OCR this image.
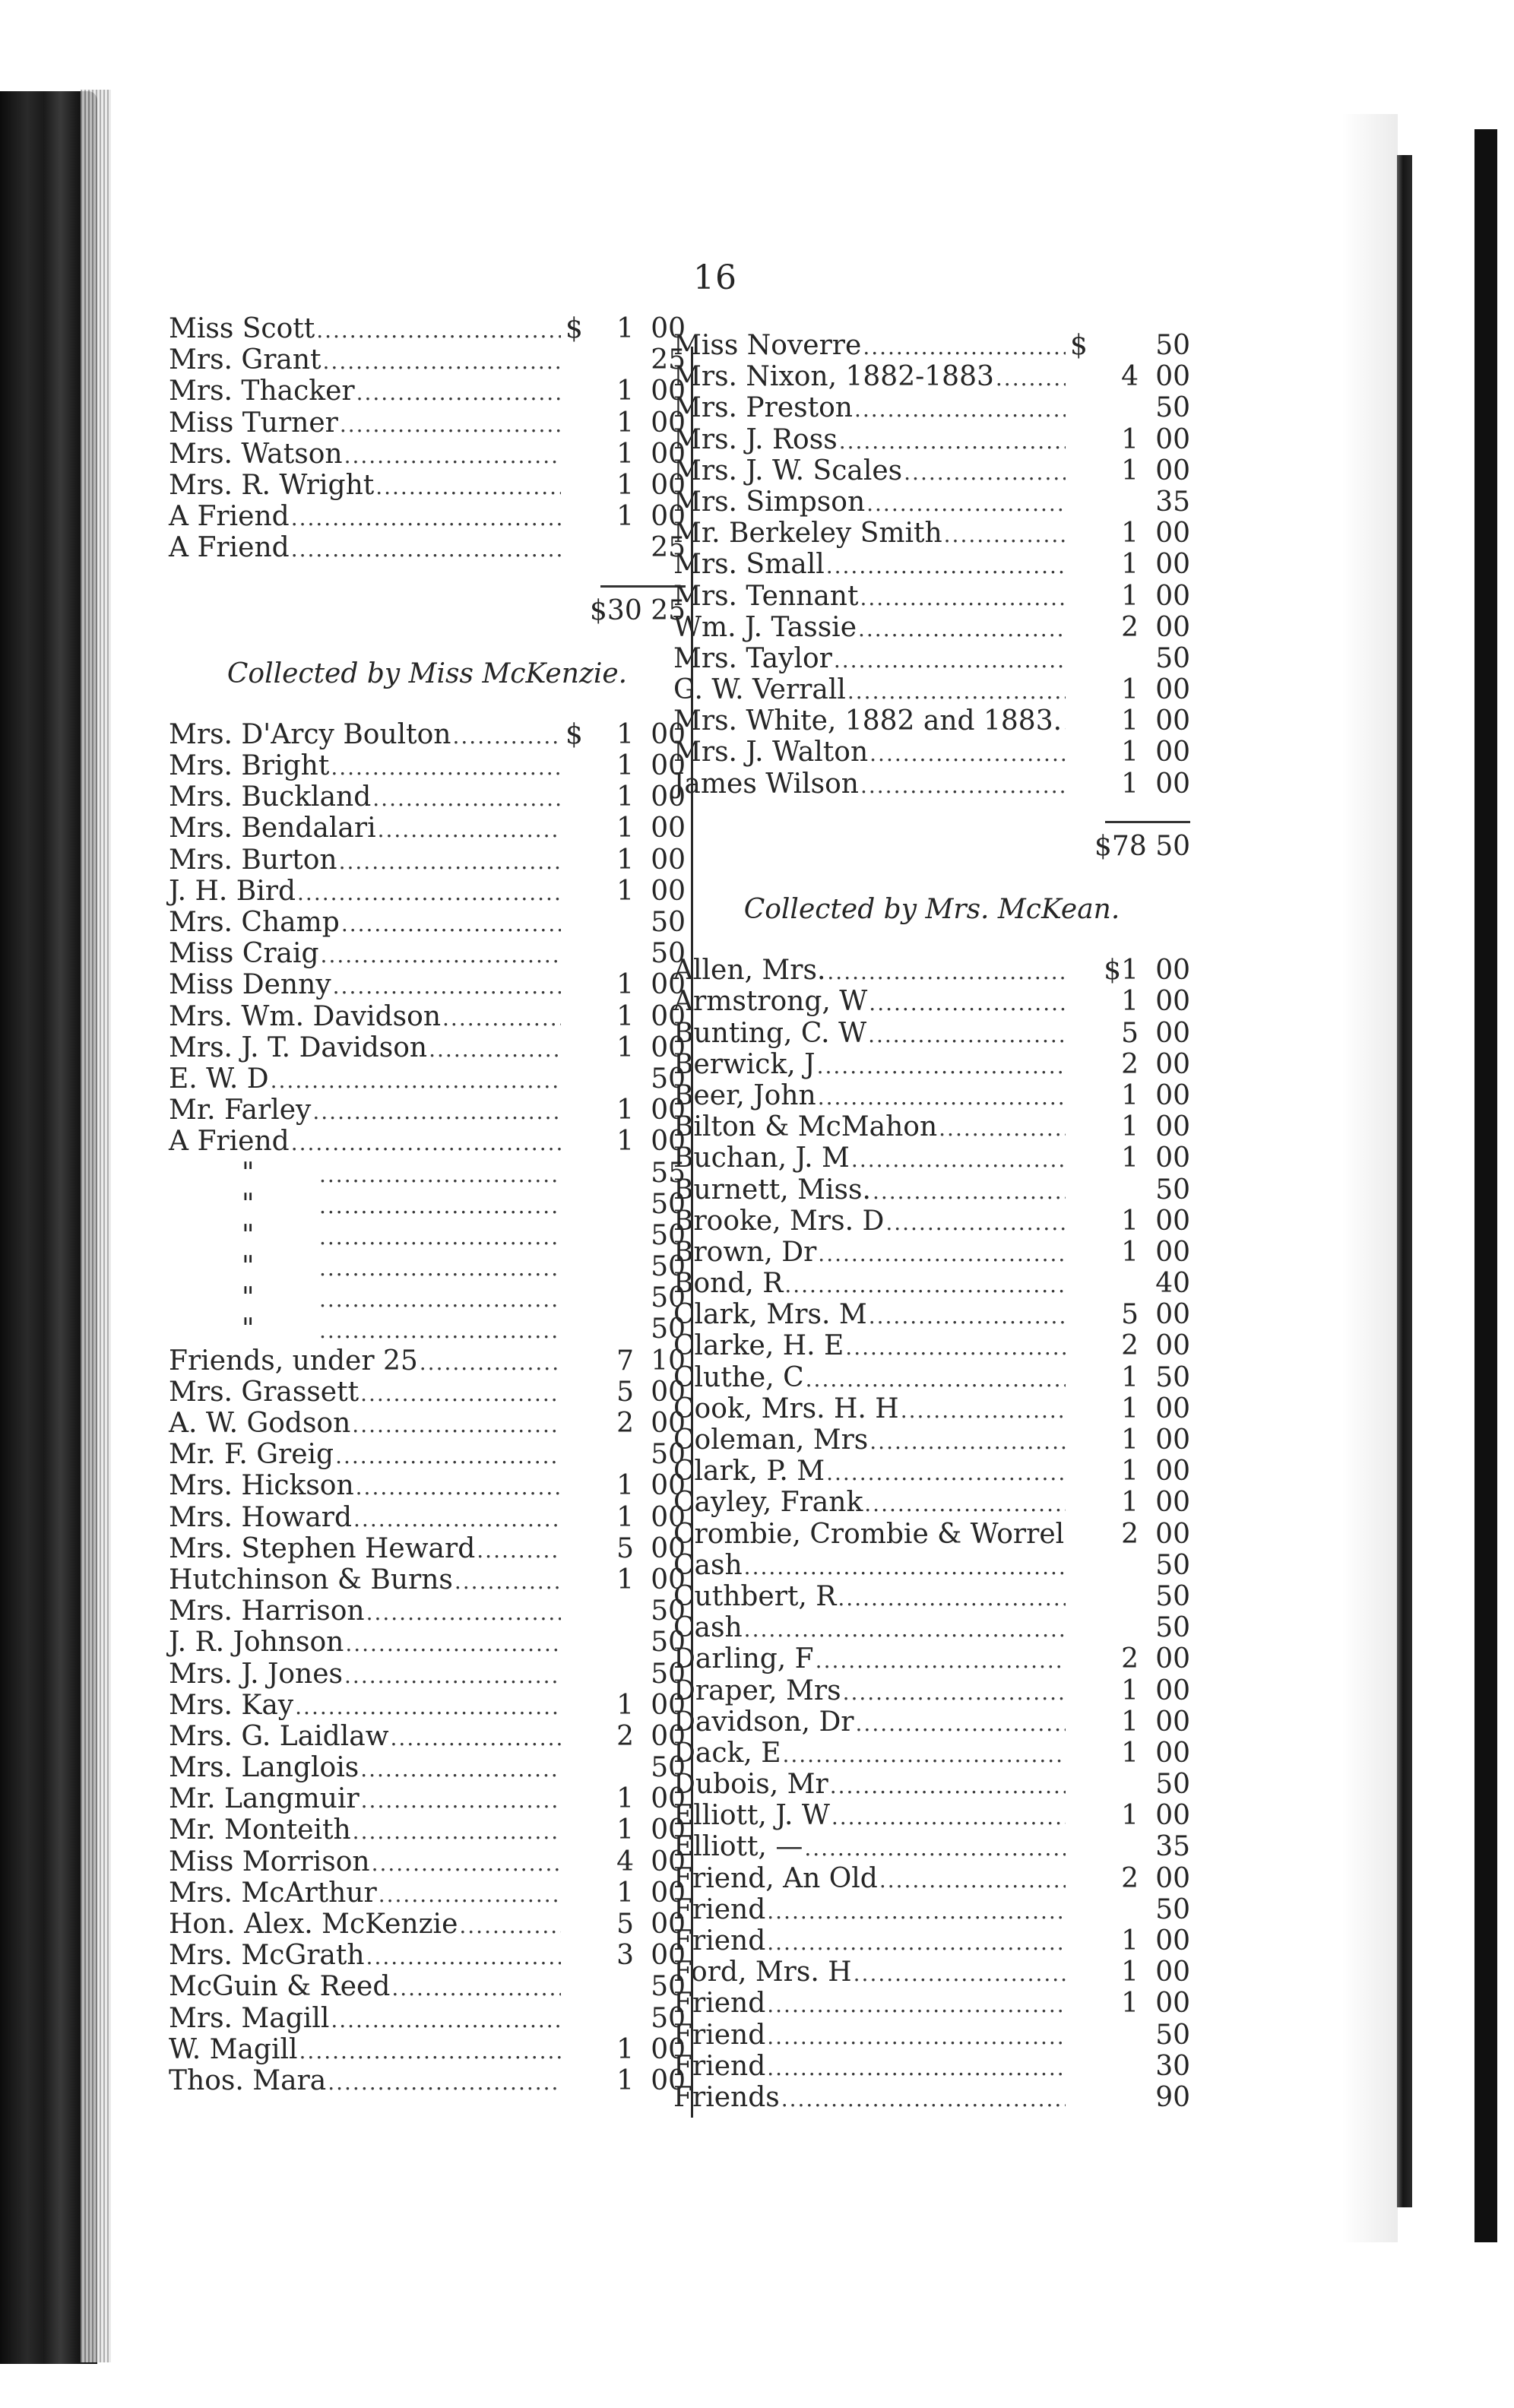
16
Miss Scott .....	$	1 00
Mrs. Grant .....	25
Mrs. Thacker .....	1 00
Miss Turner .....	1 00
Mrs. Watson .....	1 00
Mrs. R. Wright .....	1 00
A Friend .....	1 00
A Friend .....	25
$30 25
Collected by Miss McKenzie.
Mrs. D'Arcy Boulton .....	$	1 00
Mrs. Bright .....	1 00
Mrs. Buckland .....	1 00
Mrs. Bendalari .....	1 00
Mrs. Burton .....	1 00
J. H. Bird .....	1 00
Mrs. Champ .....	50
Miss Craig .....	50
Miss Denny .....	1 00
Mrs. Wm. Davidson .....	1 00
Mrs. J. T. Davidson .....	1 00
E. W. D .....	50
Mr. Farley .....	1 00
A Friend .....	1 00
" .....	55
" .....	50
" .....	50
" .....	50
" .....	50
" .....	50
Friends, under 25 .....	7 10
Mrs. Grassett .....	5 00
A. W. Godson .....	2 00
Mr. F. Greig .....	50
Mrs. Hickson .....	1 00
Mrs. Howard .....	1 00
Mrs. Stephen Heward .....	5 00
Hutchinson & Burns .....	1 00
Mrs. Harrison .....	50
J. R. Johnson .....	50
Mrs. J. Jones .....	50
Mrs. Kay .....	1 00
Mrs. G. Laidlaw .....	2 00
Mrs. Langlois .....	50
Mr. Langmuir .....	1 00
Mr. Monteith .....	1 00
Miss Morrison .....	4 00
Mrs. McArthur .....	1 00
Hon. Alex. McKenzie .....	5 00
Mrs. McGrath .....	3 00
McGuin & Reed .....	50
Mrs. Magill .....	50
W. Magill .....	1 00
Thos. Mara .....	1 00
Miss Noverre .....	$	50
Mrs. Nixon, 1882-1883 .....	4 00
Mrs. Preston .....	50
Mrs. J. Ross .....	1 00
Mrs. J. W. Scales .....	1 00
Mrs. Simpson .....	35
Mr. Berkeley Smith .....	1 00
Mrs. Small .....	1 00
Mrs. Tennant .....	1 00
Wm. J. Tassie .....	2 00
Mrs. Taylor .....	50
G. W. Verrall .....	1 00
Mrs. White, 1882 and 1883. .....	1 00
Mrs. J. Walton .....	1 00
James Wilson .....	1 00
$78 50
Collected by Mrs. McKean.
Allen, Mrs. .....	$1 00
Armstrong, W .....	1 00
Bunting, C. W .....	5 00
Berwick, J .....	2 00
Beer, John .....	1 00
Bilton & McMahon .....	1 00
Buchan, J. M .....	1 00
Burnett, Miss. .....	50
Brooke, Mrs. D .....	1 00
Brown, Dr .....	1 00
Bond, R .....	40
Clark, Mrs. M .....	5 00
Clarke, H. E .....	2 00
Cluthe, C .....	1 50
Cook, Mrs. H. H .....	1 00
Coleman, Mrs .....	1 00
Clark, P. M .....	1 00
Cayley, Frank .....	1 00
Crombie, Crombie & Worrel	2 00
Cash .....	50
Cuthbert, R .....	50
Cash .....	50
Darling, F .....	2 00
Draper, Mrs .....	1 00
Davidson, Dr .....	1 00
Dack, E .....	1 00
Dubois, Mr .....	50
Elliott, J. W .....	1 00
Elliott, — .....	35
Friend, An Old .....	2 00
Friend .....	50
Friend .....	1 00
Ford, Mrs. H .....	1 00
Friend .....	1 00
Friend .....	50
Friend .....	30
Friends .....	90
